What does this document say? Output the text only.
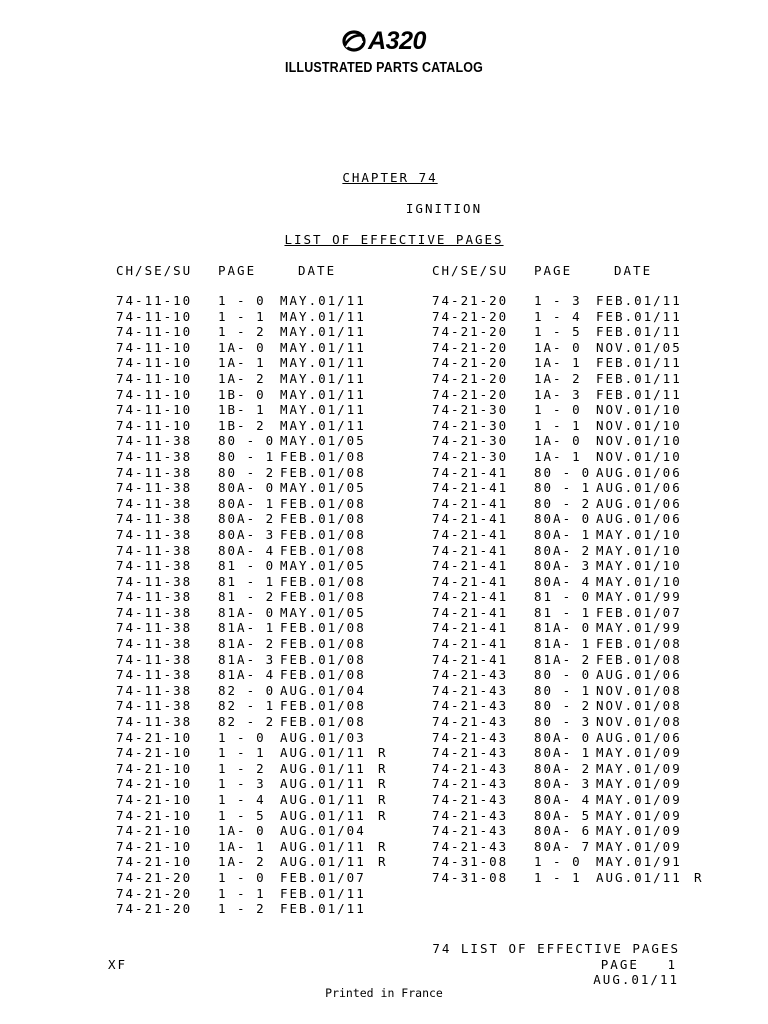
A320
ILLUSTRATED PARTS CATALOG
CHAPTER 74
IGNITION
LIST OF EFFECTIVE PAGES
CH/SE/SU	PAGE	DATE	CH/SE/SU	PAGE	DATE
74-11-10	1 - 0 MAY.01/11
74-11-10	1 - 1 MAY.01/11
74-11-10	1 - 2 MAY.01/11
74-11-10	1A- 0 MAY.01/11
74-11-10	1A- 1 MAY.01/11
74-11-10	1A- 2 MAY.01/11
74-11-10	1B- 0 MAY.01/11
74-11-10	1B- 1 MAY.01/11
74-11-10	1B- 2 MAY.01/11
74-11-38	80 - 0 MAY.01/05
74-11-38	80 - 1 FEB.01/08
74-11-38	80 - 2 FEB.01/08
74-11-38	80A- 0 MAY.01/05
74-11-38	80A- 1 FEB.01/08
74-11-38	80A- 2 FEB.01/08
74-11-38	80A- 3 FEB.01/08
74-11-38	80A- 4 FEB.01/08
74-11-38	81 - 0 MAY.01/05
74-11-38	81 - 1 FEB.01/08
74-11-38	81 - 2 FEB.01/08
74-11-38	81A- 0 MAY.01/05
74-11-38	81A- 1 FEB.01/08
74-11-38	81A- 2 FEB.01/08
74-11-38	81A- 3 FEB.01/08
74-11-38	81A- 4 FEB.01/08
74-11-38	82 - 0 AUG.01/04
74-11-38	82 - 1 FEB.01/08
74-11-38	82 - 2 FEB.01/08
74-21-10	1 - 0 AUG.01/03
74-21-10	1 - 1 AUG.01/11 R
74-21-10	1 - 2 AUG.01/11 R
74-21-10	1 - 3 AUG.01/11 R
74-21-10	1 - 4 AUG.01/11 R
74-21-10	1 - 5 AUG.01/11 R
74-21-10	1A- 0 AUG.01/04
74-21-10	1A- 1 AUG.01/11 R
74-21-10	1A- 2 AUG.01/11 R
74-21-20	1 - 0 FEB.01/07
74-21-20	1 - 1 FEB.01/11
74-21-20	1 - 2 FEB.01/11
74-21-20	1 - 3 FEB.01/11
74-21-20	1 - 4 FEB.01/11
74-21-20	1 - 5 FEB.01/11
74-21-20	1A- 0 NOV.01/05
74-21-20	1A- 1 FEB.01/11
74-21-20	1A- 2 FEB.01/11
74-21-20	1A- 3 FEB.01/11
74-21-30	1 - 0 NOV.01/10
74-21-30	1 - 1 NOV.01/10
74-21-30	1A- 0 NOV.01/10
74-21-30	1A- 1 NOV.01/10
74-21-41	80 - 0 AUG.01/06
74-21-41	80 - 1 AUG.01/06
74-21-41	80 - 2 AUG.01/06
74-21-41	80A- 0 AUG.01/06
74-21-41	80A- 1 MAY.01/10
74-21-41	80A- 2 MAY.01/10
74-21-41	80A- 3 MAY.01/10
74-21-41	80A- 4 MAY.01/10
74-21-41	81 - 0 MAY.01/99
74-21-41	81 - 1 FEB.01/07
74-21-41	81A- 0 MAY.01/99
74-21-41	81A- 1 FEB.01/08
74-21-41	81A- 2 FEB.01/08
74-21-43	80 - 0 AUG.01/06
74-21-43	80 - 1 NOV.01/08
74-21-43	80 - 2 NOV.01/08
74-21-43	80 - 3 NOV.01/08
74-21-43	80A- 0 AUG.01/06
74-21-43	80A- 1 MAY.01/09
74-21-43	80A- 2 MAY.01/09
74-21-43	80A- 3 MAY.01/09
74-21-43	80A- 4 MAY.01/09
74-21-43	80A- 5 MAY.01/09
74-21-43	80A- 6 MAY.01/09
74-21-43	80A- 7 MAY.01/09
74-31-08	1 - 0 MAY.01/91
74-31-08	1 - 1 AUG.01/11 R
74 LIST OF EFFECTIVE PAGES
XF	PAGE   1
AUG.01/11
Printed in France
